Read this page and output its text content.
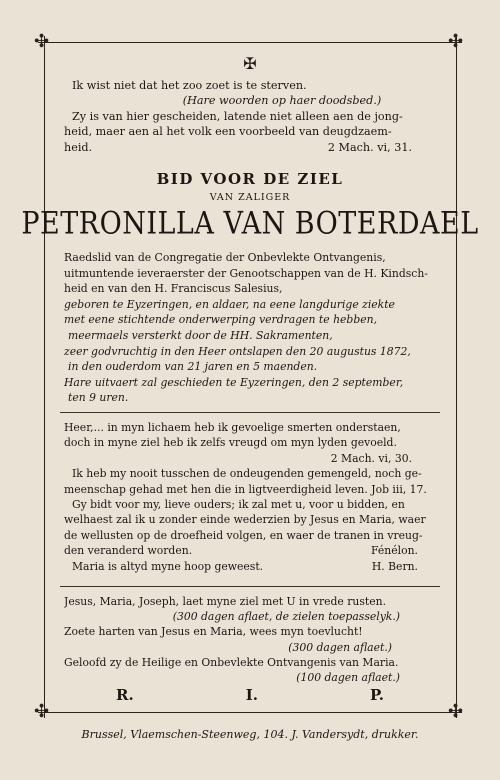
✣	✣
✣	✣
✠
Ik wist niet dat het zoo zoet is te sterven.
(Hare woorden op haer doodsbed.)
Zy is van hier gescheiden, latende niet alleen aen de jong-
heid, maer aen al het volk een voorbeeld van deugdzaem-
heid.	2 Mach. vi, 31.
BID VOOR DE ZIEL
VAN ZALIGER
PETRONILLA VAN BOTERDAEL
Raedslid van de Congregatie der Onbevlekte Ontvangenis,
uitmuntende ieveraerster der Genootschappen van de H. Kindsch-
heid en van den H. Franciscus Salesius,
geboren te Eyzeringen, en aldaer, na eene langdurige ziekte
met eene stichtende onderwerping verdragen te hebben,
meermaels versterkt door de HH. Sakramenten,
zeer godvruchtig in den Heer ontslapen den 20 augustus 1872,
in den ouderdom van 21 jaren en 5 maenden.
Hare uitvaert zal geschieden te Eyzeringen, den 2 september,
ten 9 uren.
Heer,... in myn lichaem heb ik gevoelige smerten onderstaen,
doch in myne ziel heb ik zelfs vreugd om myn lyden gevoeld.
2 Mach. vi, 30.
Ik heb my nooit tusschen de ondeugenden gemengeld, noch ge-
meenschap gehad met hen die in ligtveerdigheid leven. Job iii, 17.
Gy bidt voor my, lieve ouders; ik zal met u, voor u bidden, en
welhaest zal ik u zonder einde wederzien by Jesus en Maria, waer
de wellusten op de droefheid volgen, en waer de tranen in vreug-
den veranderd worden.	Fénélon.
Maria is altyd myne hoop geweest.	H. Bern.
Jesus, Maria, Joseph, laet myne ziel met U in vrede rusten.
(300 dagen aflaet, de zielen toepasselyk.)
Zoete harten van Jesus en Maria, wees myn toevlucht!
(300 dagen aflaet.)
Geloofd zy de Heilige en Onbevlekte Ontvangenis van Maria.
(100 dagen aflaet.)
R.	I.	P.
Brussel, Vlaemschen-Steenweg, 104. J. Vandersydt, drukker.
